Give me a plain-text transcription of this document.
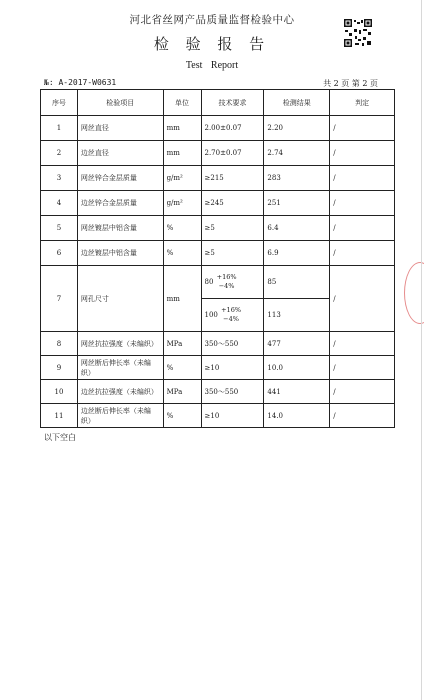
河北省丝网产品质量监督检验中心
检 验 报 告
Test Report
№: A-2017-W0631	共 2 页 第 2 页
序号	检验项目	单位	技术要求	检测结果	判定
1	网丝直径	mm	2.00±0.07	2.20	/
2	边丝直径	mm	2.70±0.07	2.74	/
3	网丝锌合金层质量	g/m²	≥215	283	/
4	边丝锌合金层质量	g/m²	≥245	251	/
5	网丝镀层中铝含量	%	≥5	6.4	/
6	边丝镀层中铝含量	%	≥5	6.9	/
7	网孔尺寸	mm	80 +16%
−4%	85	/
			100 +16%
−4%	113	
8	网丝抗拉强度（未编织）	MPa	350～550	477	/
9	网丝断后伸长率（未编织）	%	≥10	10.0	/
10	边丝抗拉强度（未编织）	MPa	350～550	441	/
11	边丝断后伸长率（未编织）	%	≥10	14.0	/
以下空白
